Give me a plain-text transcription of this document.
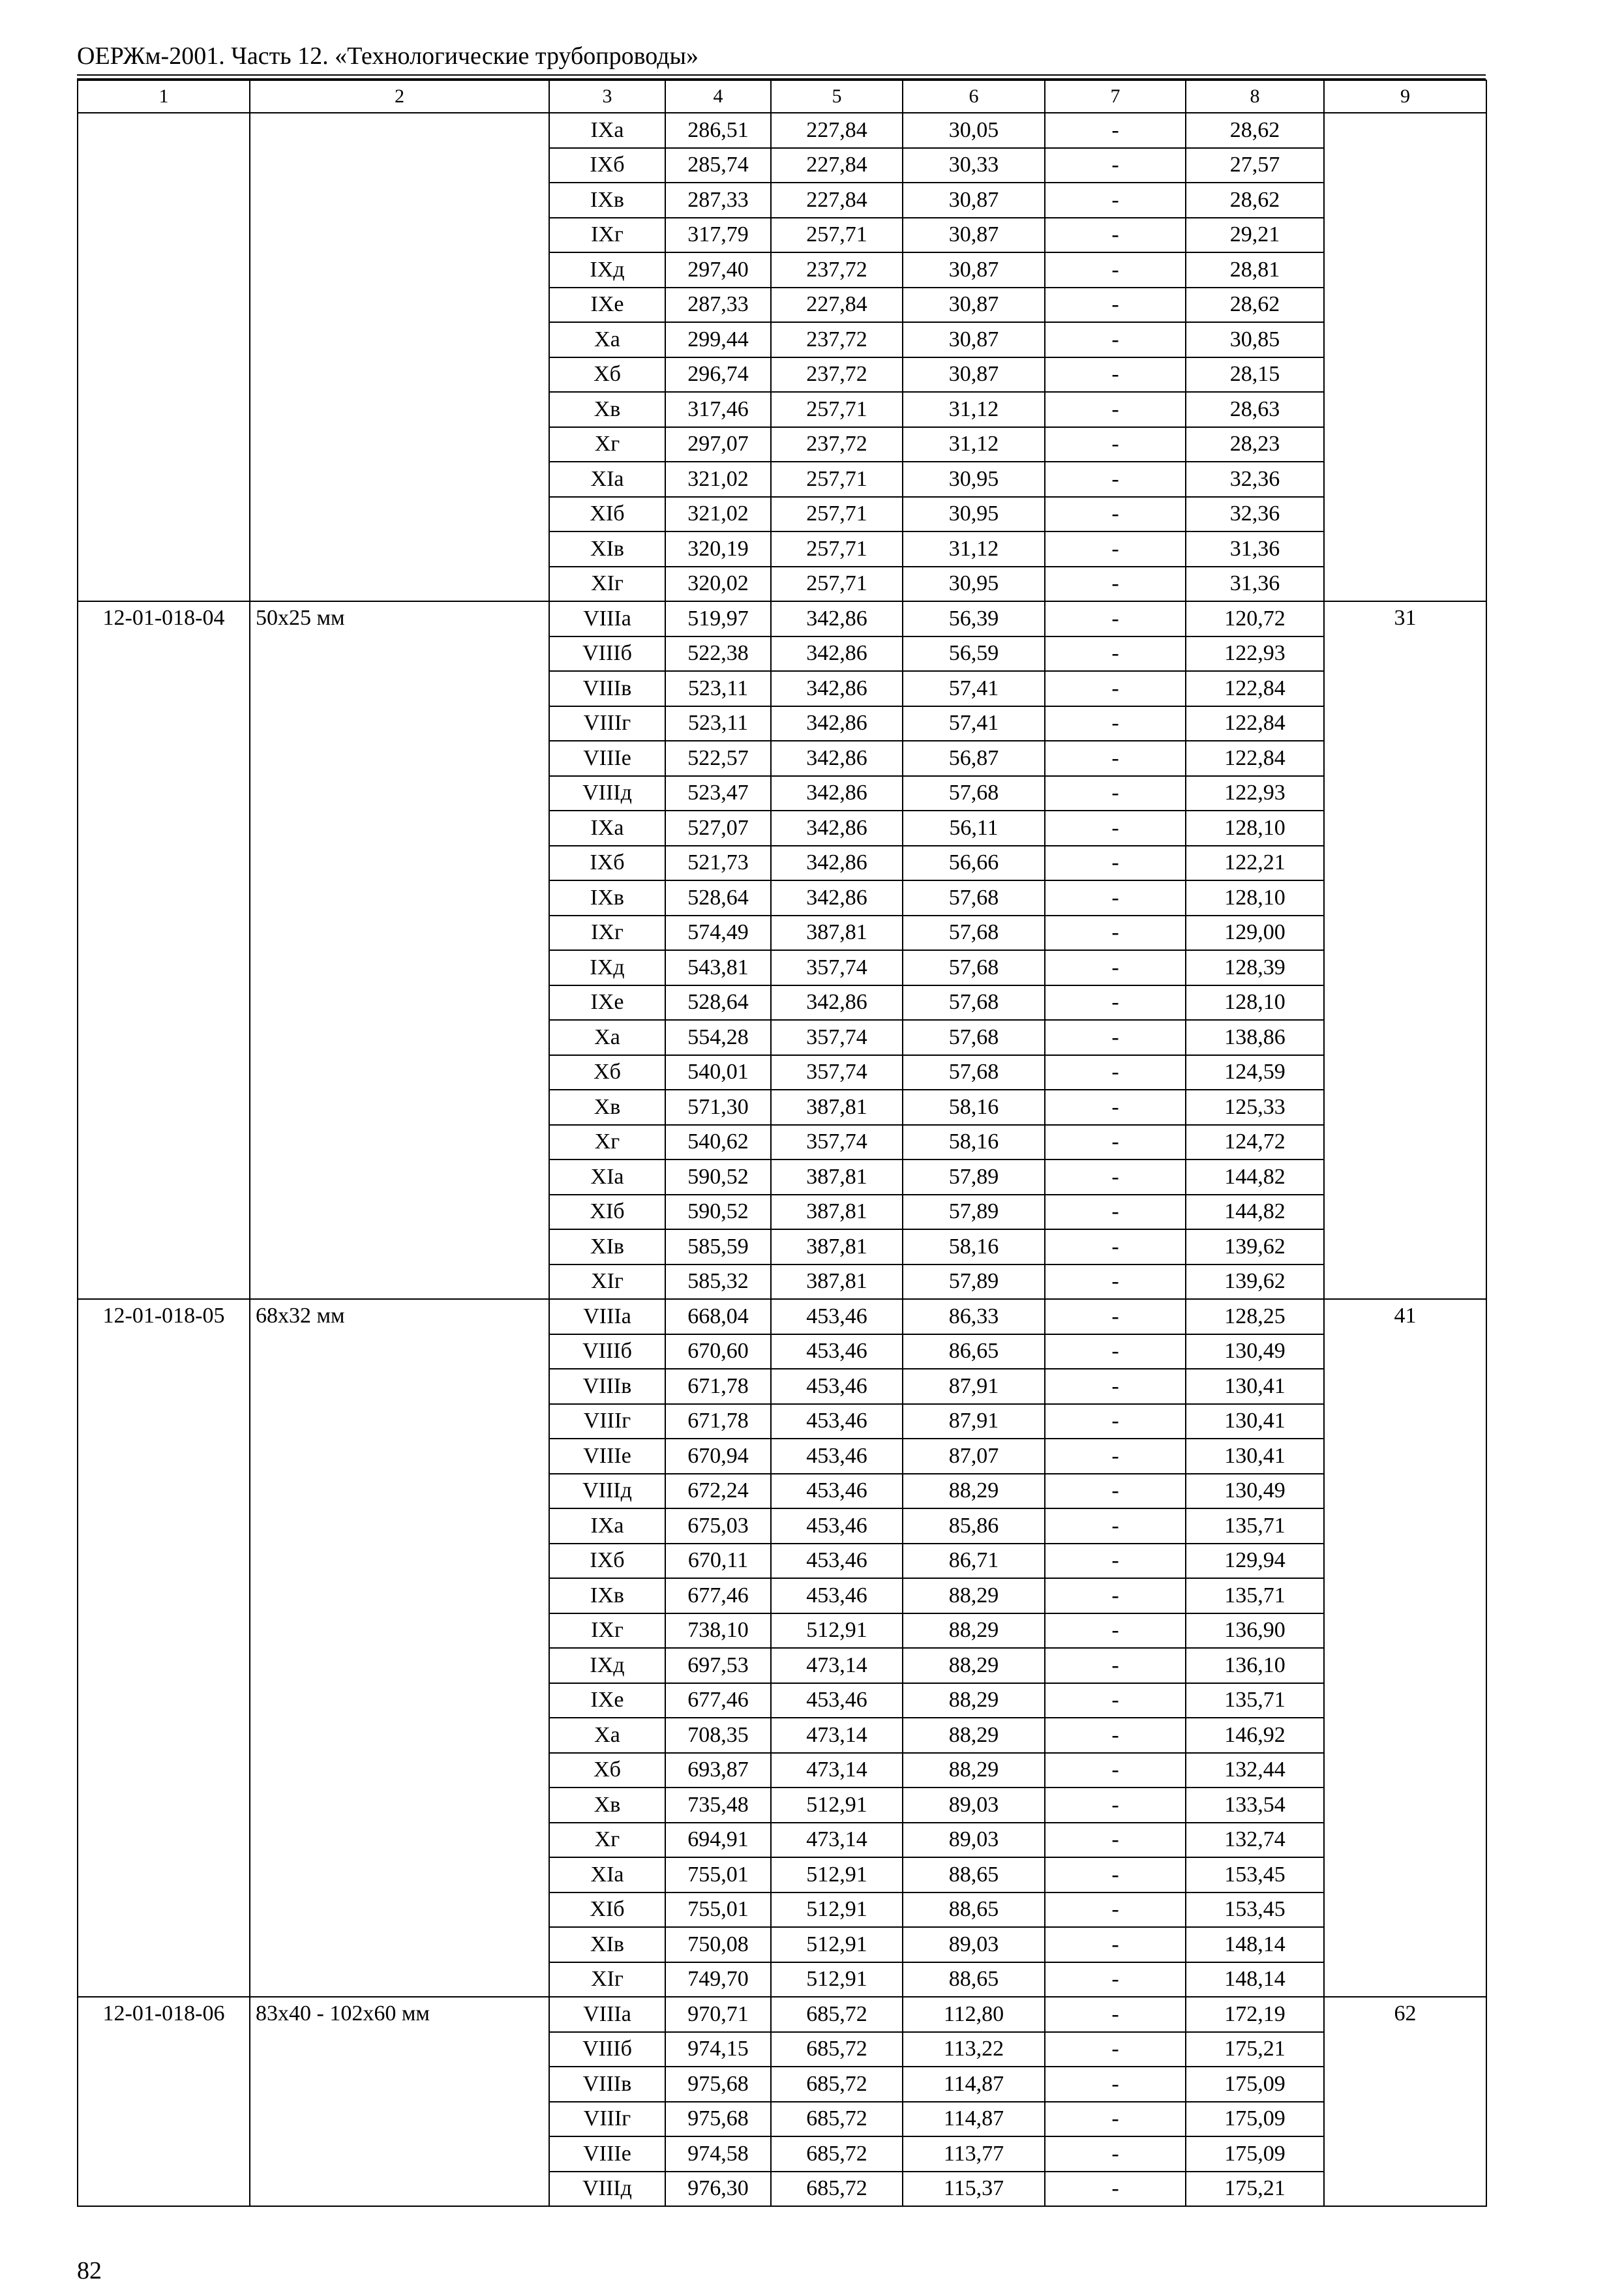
ОЕРЖм-2001. Часть 12. «Технологические трубопроводы»
1	2	3	4	5	6	7	8	9
		IXа	286,51	227,84	30,05	-	28,62	
		IXб	285,74	227,84	30,33	-	27,57	
		IXв	287,33	227,84	30,87	-	28,62	
		IXг	317,79	257,71	30,87	-	29,21	
		IXд	297,40	237,72	30,87	-	28,81	
		IXе	287,33	227,84	30,87	-	28,62	
		Xа	299,44	237,72	30,87	-	30,85	
		Xб	296,74	237,72	30,87	-	28,15	
		Xв	317,46	257,71	31,12	-	28,63	
		Xг	297,07	237,72	31,12	-	28,23	
		XIа	321,02	257,71	30,95	-	32,36	
		XIб	321,02	257,71	30,95	-	32,36	
		XIв	320,19	257,71	31,12	-	31,36	
		XIг	320,02	257,71	30,95	-	31,36	
12-01-018-04	50х25 мм	VIIIа	519,97	342,86	56,39	-	120,72	31
		VIIIб	522,38	342,86	56,59	-	122,93	
		VIIIв	523,11	342,86	57,41	-	122,84	
		VIIIг	523,11	342,86	57,41	-	122,84	
		VIIIе	522,57	342,86	56,87	-	122,84	
		VIIIд	523,47	342,86	57,68	-	122,93	
		IXа	527,07	342,86	56,11	-	128,10	
		IXб	521,73	342,86	56,66	-	122,21	
		IXв	528,64	342,86	57,68	-	128,10	
		IXг	574,49	387,81	57,68	-	129,00	
		IXд	543,81	357,74	57,68	-	128,39	
		IXе	528,64	342,86	57,68	-	128,10	
		Xа	554,28	357,74	57,68	-	138,86	
		Xб	540,01	357,74	57,68	-	124,59	
		Xв	571,30	387,81	58,16	-	125,33	
		Xг	540,62	357,74	58,16	-	124,72	
		XIа	590,52	387,81	57,89	-	144,82	
		XIб	590,52	387,81	57,89	-	144,82	
		XIв	585,59	387,81	58,16	-	139,62	
		XIг	585,32	387,81	57,89	-	139,62	
12-01-018-05	68х32 мм	VIIIа	668,04	453,46	86,33	-	128,25	41
		VIIIб	670,60	453,46	86,65	-	130,49	
		VIIIв	671,78	453,46	87,91	-	130,41	
		VIIIг	671,78	453,46	87,91	-	130,41	
		VIIIе	670,94	453,46	87,07	-	130,41	
		VIIIд	672,24	453,46	88,29	-	130,49	
		IXа	675,03	453,46	85,86	-	135,71	
		IXб	670,11	453,46	86,71	-	129,94	
		IXв	677,46	453,46	88,29	-	135,71	
		IXг	738,10	512,91	88,29	-	136,90	
		IXд	697,53	473,14	88,29	-	136,10	
		IXе	677,46	453,46	88,29	-	135,71	
		Xа	708,35	473,14	88,29	-	146,92	
		Xб	693,87	473,14	88,29	-	132,44	
		Xв	735,48	512,91	89,03	-	133,54	
		Xг	694,91	473,14	89,03	-	132,74	
		XIа	755,01	512,91	88,65	-	153,45	
		XIб	755,01	512,91	88,65	-	153,45	
		XIв	750,08	512,91	89,03	-	148,14	
		XIг	749,70	512,91	88,65	-	148,14	
12-01-018-06	83х40 - 102х60 мм	VIIIа	970,71	685,72	112,80	-	172,19	62
		VIIIб	974,15	685,72	113,22	-	175,21	
		VIIIв	975,68	685,72	114,87	-	175,09	
		VIIIг	975,68	685,72	114,87	-	175,09	
		VIIIе	974,58	685,72	113,77	-	175,09	
		VIIIд	976,30	685,72	115,37	-	175,21	
82
